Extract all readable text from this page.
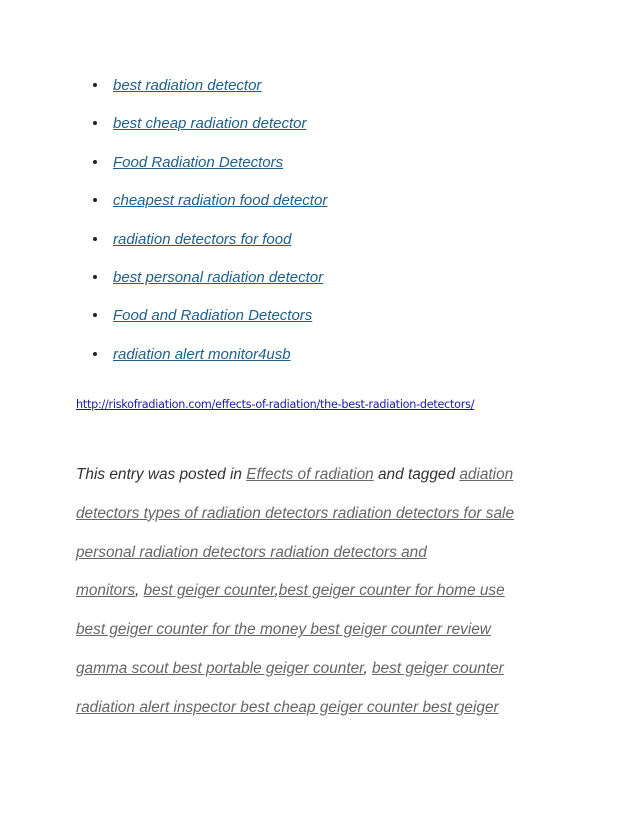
best radiation detector
best cheap radiation detector
Food Radiation Detectors
cheapest radiation food detector
radiation detectors for food
best personal radiation detector
Food and Radiation Detectors
radiation alert monitor4usb
http://riskofradiation.com/effects-of-radiation/the-best-radiation-detectors/
This entry was posted in Effects of radiation and tagged adiation
detectors types of radiation detectors radiation detectors for sale
personal radiation detectors radiation detectors and
monitors, best geiger counter,best geiger counter for home use
best geiger counter for the money best geiger counter review
gamma scout best portable geiger counter, best geiger counter
radiation alert inspector best cheap geiger counter best geiger
